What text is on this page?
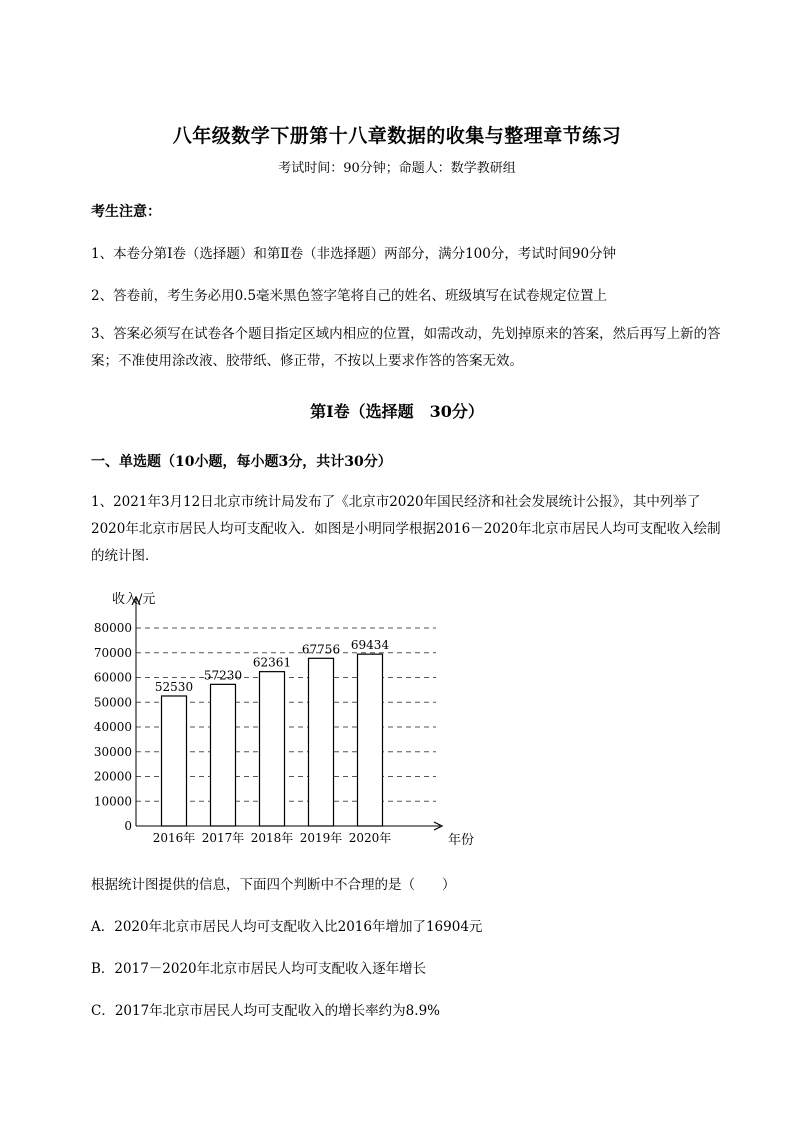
八年级数学下册第十八章数据的收集与整理章节练习
考试时间：90分钟；命题人：数学教研组
考生注意：
1、本卷分第Ⅰ卷（选择题）和第Ⅱ卷（非选择题）两部分，满分100分，考试时间90分钟
2、答卷前，考生务必用0.5毫米黑色签字笔将自己的姓名、班级填写在试卷规定位置上
3、答案必须写在试卷各个题目指定区域内相应的位置，如需改动，先划掉原来的答案，然后再写上新的答案；不准使用涂改液、胶带纸、修正带，不按以上要求作答的答案无效。
第Ⅰ卷（选择题　30分）
一、单选题（10小题，每小题3分，共计30分）
1、2021年3月12日北京市统计局发布了《北京市2020年国民经济和社会发展统计公报》，其中列举了2020年北京市居民人均可支配收入．如图是小明同学根据2016－2020年北京市居民人均可支配收入绘制的统计图．
0
10000
20000
30000
40000
50000
60000
70000
80000
52530
2016年
57230
2017年
62361
2018年
67756
2019年
69434
2020年
收入/元
年份
根据统计图提供的信息，下面四个判断中不合理的是（　　）
A．2020年北京市居民人均可支配收入比2016年增加了16904元
B．2017－2020年北京市居民人均可支配收入逐年增长
C．2017年北京市居民人均可支配收入的增长率约为8.9%
